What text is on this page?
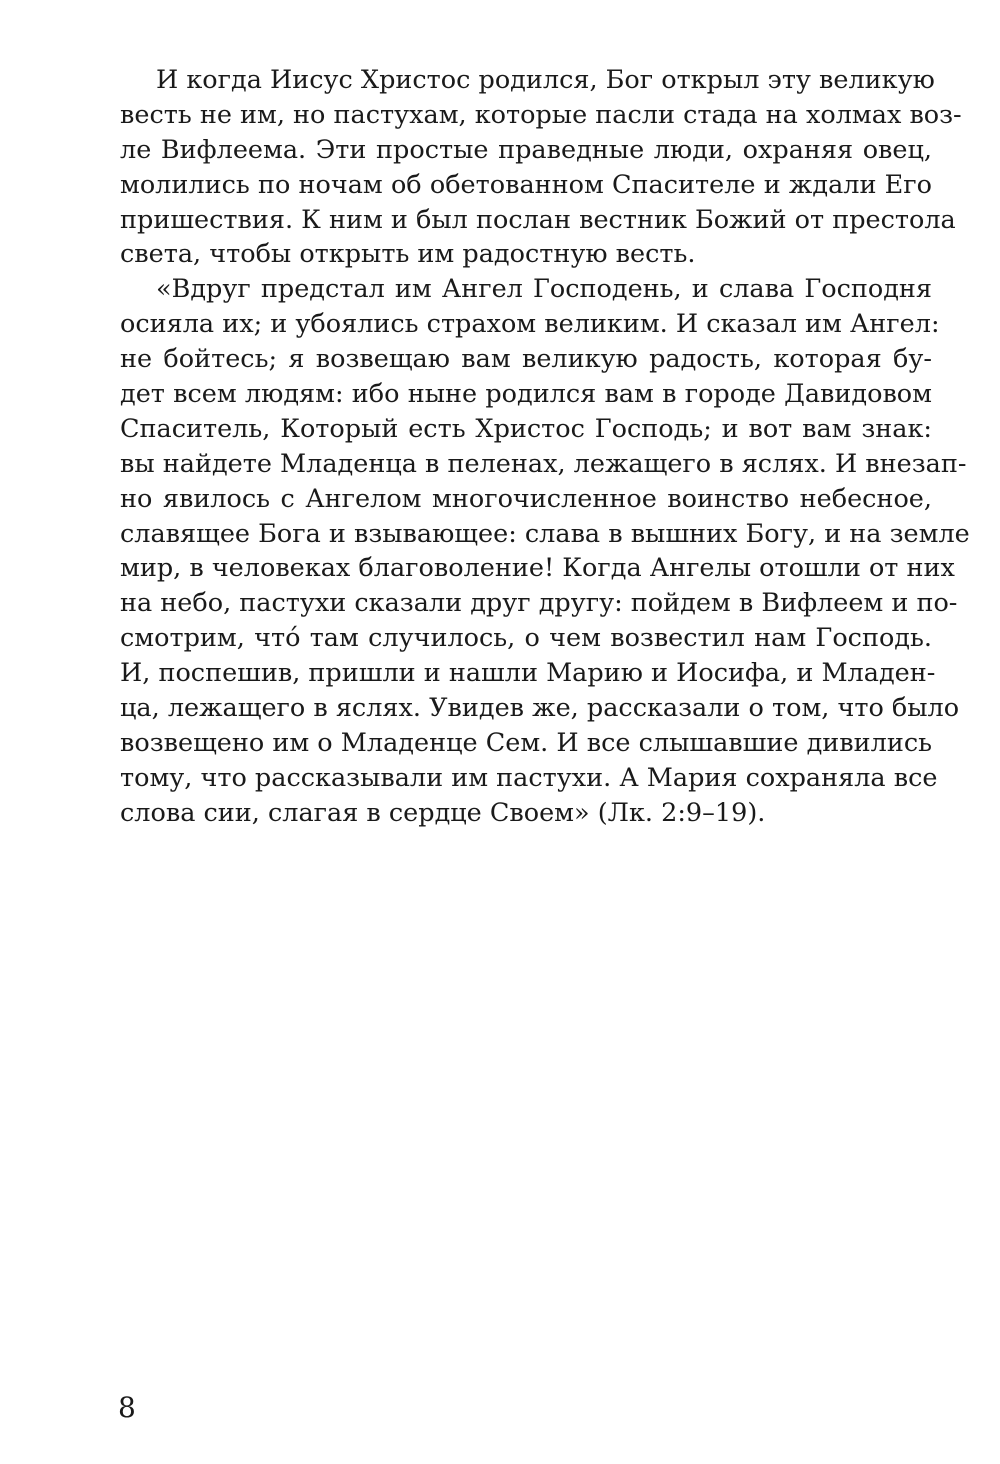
И когда Иисус Христос родился, Бог открыл эту великую
весть не им, но пастухам, которые пасли стада на холмах воз-
ле Вифлеема. Эти простые праведные люди, охраняя овец,
молились по ночам об обетованном Спасителе и ждали Его
пришествия. К ним и был послан вестник Божий от престола
света, чтобы открыть им радостную весть.
«Вдруг предстал им Ангел Господень, и слава Господня
осияла их; и убоялись страхом великим. И сказал им Ангел:
не бойтесь; я возвещаю вам великую радость, которая бу-
дет всем людям: ибо ныне родился вам в городе Давидовом
Спаситель, Который есть Христос Господь; и вот вам знак:
вы найдете Младенца в пеленах, лежащего в яслях. И внезап-
но явилось с Ангелом многочисленное воинство небесное,
славящее Бога и взывающее: слава в вышних Богу, и на земле
мир, в человеках благоволение! Когда Ангелы отошли от них
на небо, пастухи сказали друг другу: пойдем в Вифлеем и по-
смотрим, что́ там случилось, о чем возвестил нам Господь.
И, поспешив, пришли и нашли Марию и Иосифа, и Младен-
ца, лежащего в яслях. Увидев же, рассказали о том, что было
возвещено им о Младенце Сем. И все слышавшие дивились
тому, что рассказывали им пастухи. А Мария сохраняла все
слова сии, слагая в сердце Своем» (Лк. 2:9–19).
8
